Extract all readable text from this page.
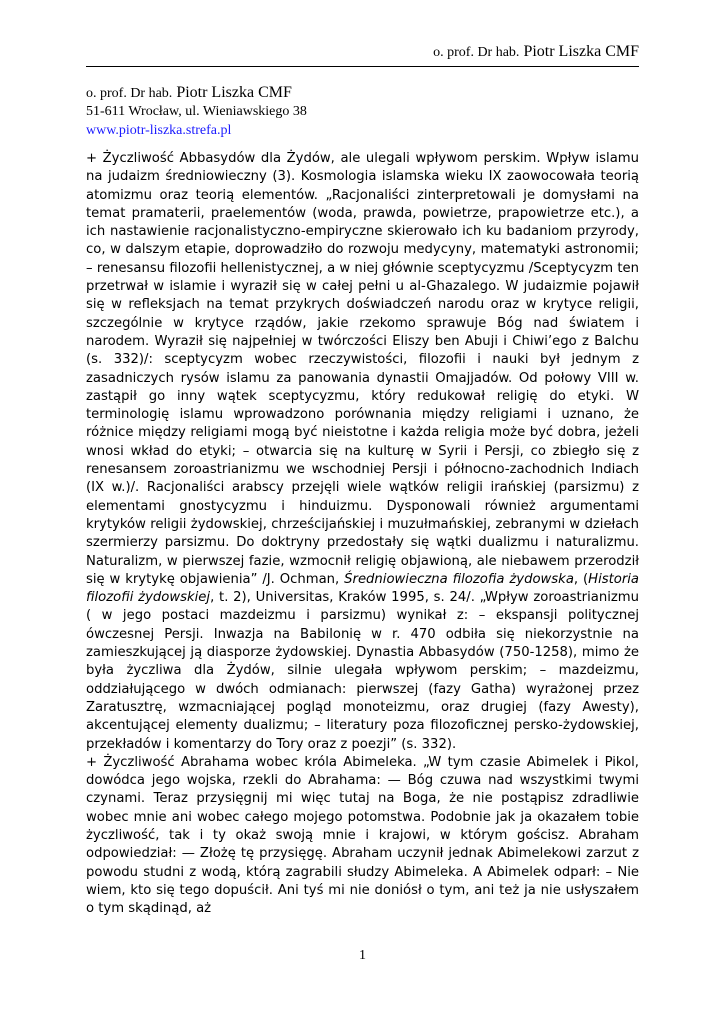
o. prof. Dr hab. Piotr Liszka CMF
o. prof. Dr hab. Piotr Liszka CMF
51-611 Wrocław, ul. Wieniawskiego 38
www.piotr-liszka.strefa.pl

+ Życzliwość Abbasydów dla Żydów, ale ulegali wpływom perskim. Wpływ islamu na judaizm średniowieczny (3). Kosmologia islamska wieku IX zaowocowała teorią atomizmu oraz teorią elementów. „Racjonaliści zinterpretowali je domysłami na temat pramaterii, praelementów (woda, prawda, powietrze, prapowietrze etc.), a ich nastawienie racjonalistyczno-empiryczne skierowało ich ku badaniom przyrody, co, w dalszym etapie, doprowadziło do rozwoju medycyny, matematyki astronomii; – renesansu filozofii hellenistycznej, a w niej głównie sceptycyzmu /Sceptycyzm ten przetrwał w islamie i wyraził się w całej pełni u al-Ghazalego. W judaizmie pojawił się w refleksjach na temat przykrych doświadczeń narodu oraz w krytyce religii, szczególnie w krytyce rządów, jakie rzekomo sprawuje Bóg nad światem i narodem. Wyraził się najpełniej w twórczości Eliszy ben Abuji i Chiwi’ego z Balchu (s. 332)/: sceptycyzm wobec rzeczywistości, filozofii i nauki był jednym z zasadniczych rysów islamu za panowania dynastii Omajjadów. Od połowy VIII w. zastąpił go inny wątek sceptycyzmu, który redukował religię do etyki. W terminologię islamu wprowadzono porównania między religiami i uznano, że różnice między religiami mogą być nieistotne i każda religia może być dobra, jeżeli wnosi wkład do etyki; – otwarcia się na kulturę w Syrii i Persji, co zbiegło się z renesansem zoroastrianizmu we wschodniej Persji i północno-zachodnich Indiach (IX w.)/. Racjonaliści arabscy przejęli wiele wątków religii irańskiej (parsizmu) z elementami gnostycyzmu i hinduizmu. Dysponowali również argumentami krytyków religii żydowskiej, chrześcijańskiej i muzułmańskiej, zebranymi w dziełach szermierzy parsizmu. Do doktryny przedostały się wątki dualizmu i naturalizmu. Naturalizm, w pierwszej fazie, wzmocnił religię objawioną, ale niebawem przerodził się w krytykę objawienia” /J. Ochman, Średniowieczna filozofia żydowska, (Historia filozofii żydowskiej, t. 2), Universitas, Kraków 1995, s. 24/. „Wpływ zoroastrianizmu ( w jego postaci mazdeizmu i parsizmu) wynikał z: – ekspansji politycznej ówczesnej Persji. Inwazja na Babilonię w r. 470 odbiła się niekorzystnie na zamieszkującej ją diasporze żydowskiej. Dynastia Abbasydów (750-1258), mimo że była życzliwa dla Żydów, silnie ulegała wpływom perskim; – mazdeizmu, oddziałującego w dwóch odmianach: pierwszej (fazy Gatha) wyrażonej przez Zaratusztrę, wzmacniającej pogląd monoteizmu, oraz drugiej (fazy Awesty), akcentującej elementy dualizmu; – literatury poza filozoficznej persko-żydowskiej, przekładów i komentarzy do Tory oraz z poezji” (s. 332).

+ Życzliwość Abrahama wobec króla Abimeleka. „W tym czasie Abimelek i Pikol, dowódca jego wojska, rzekli do Abrahama: — Bóg czuwa nad wszystkimi twymi czynami. Teraz przysięgnij mi więc tutaj na Boga, że nie postąpisz zdradliwie wobec mnie ani wobec całego mojego potomstwa. Podobnie jak ja okazałem tobie życzliwość, tak i ty okaż swoją mnie i krajowi, w którym gościsz. Abraham odpowiedział: — Złożę tę przysięgę. Abraham uczynił jednak Abimelekowi zarzut z powodu studni z wodą, którą zagrabili słudzy Abimeleka. A Abimelek odparł: – Nie wiem, kto się tego dopuścił. Ani tyś mi nie doniósł o tym, ani też ja nie usłyszałem o tym skądinąd, aż

1
